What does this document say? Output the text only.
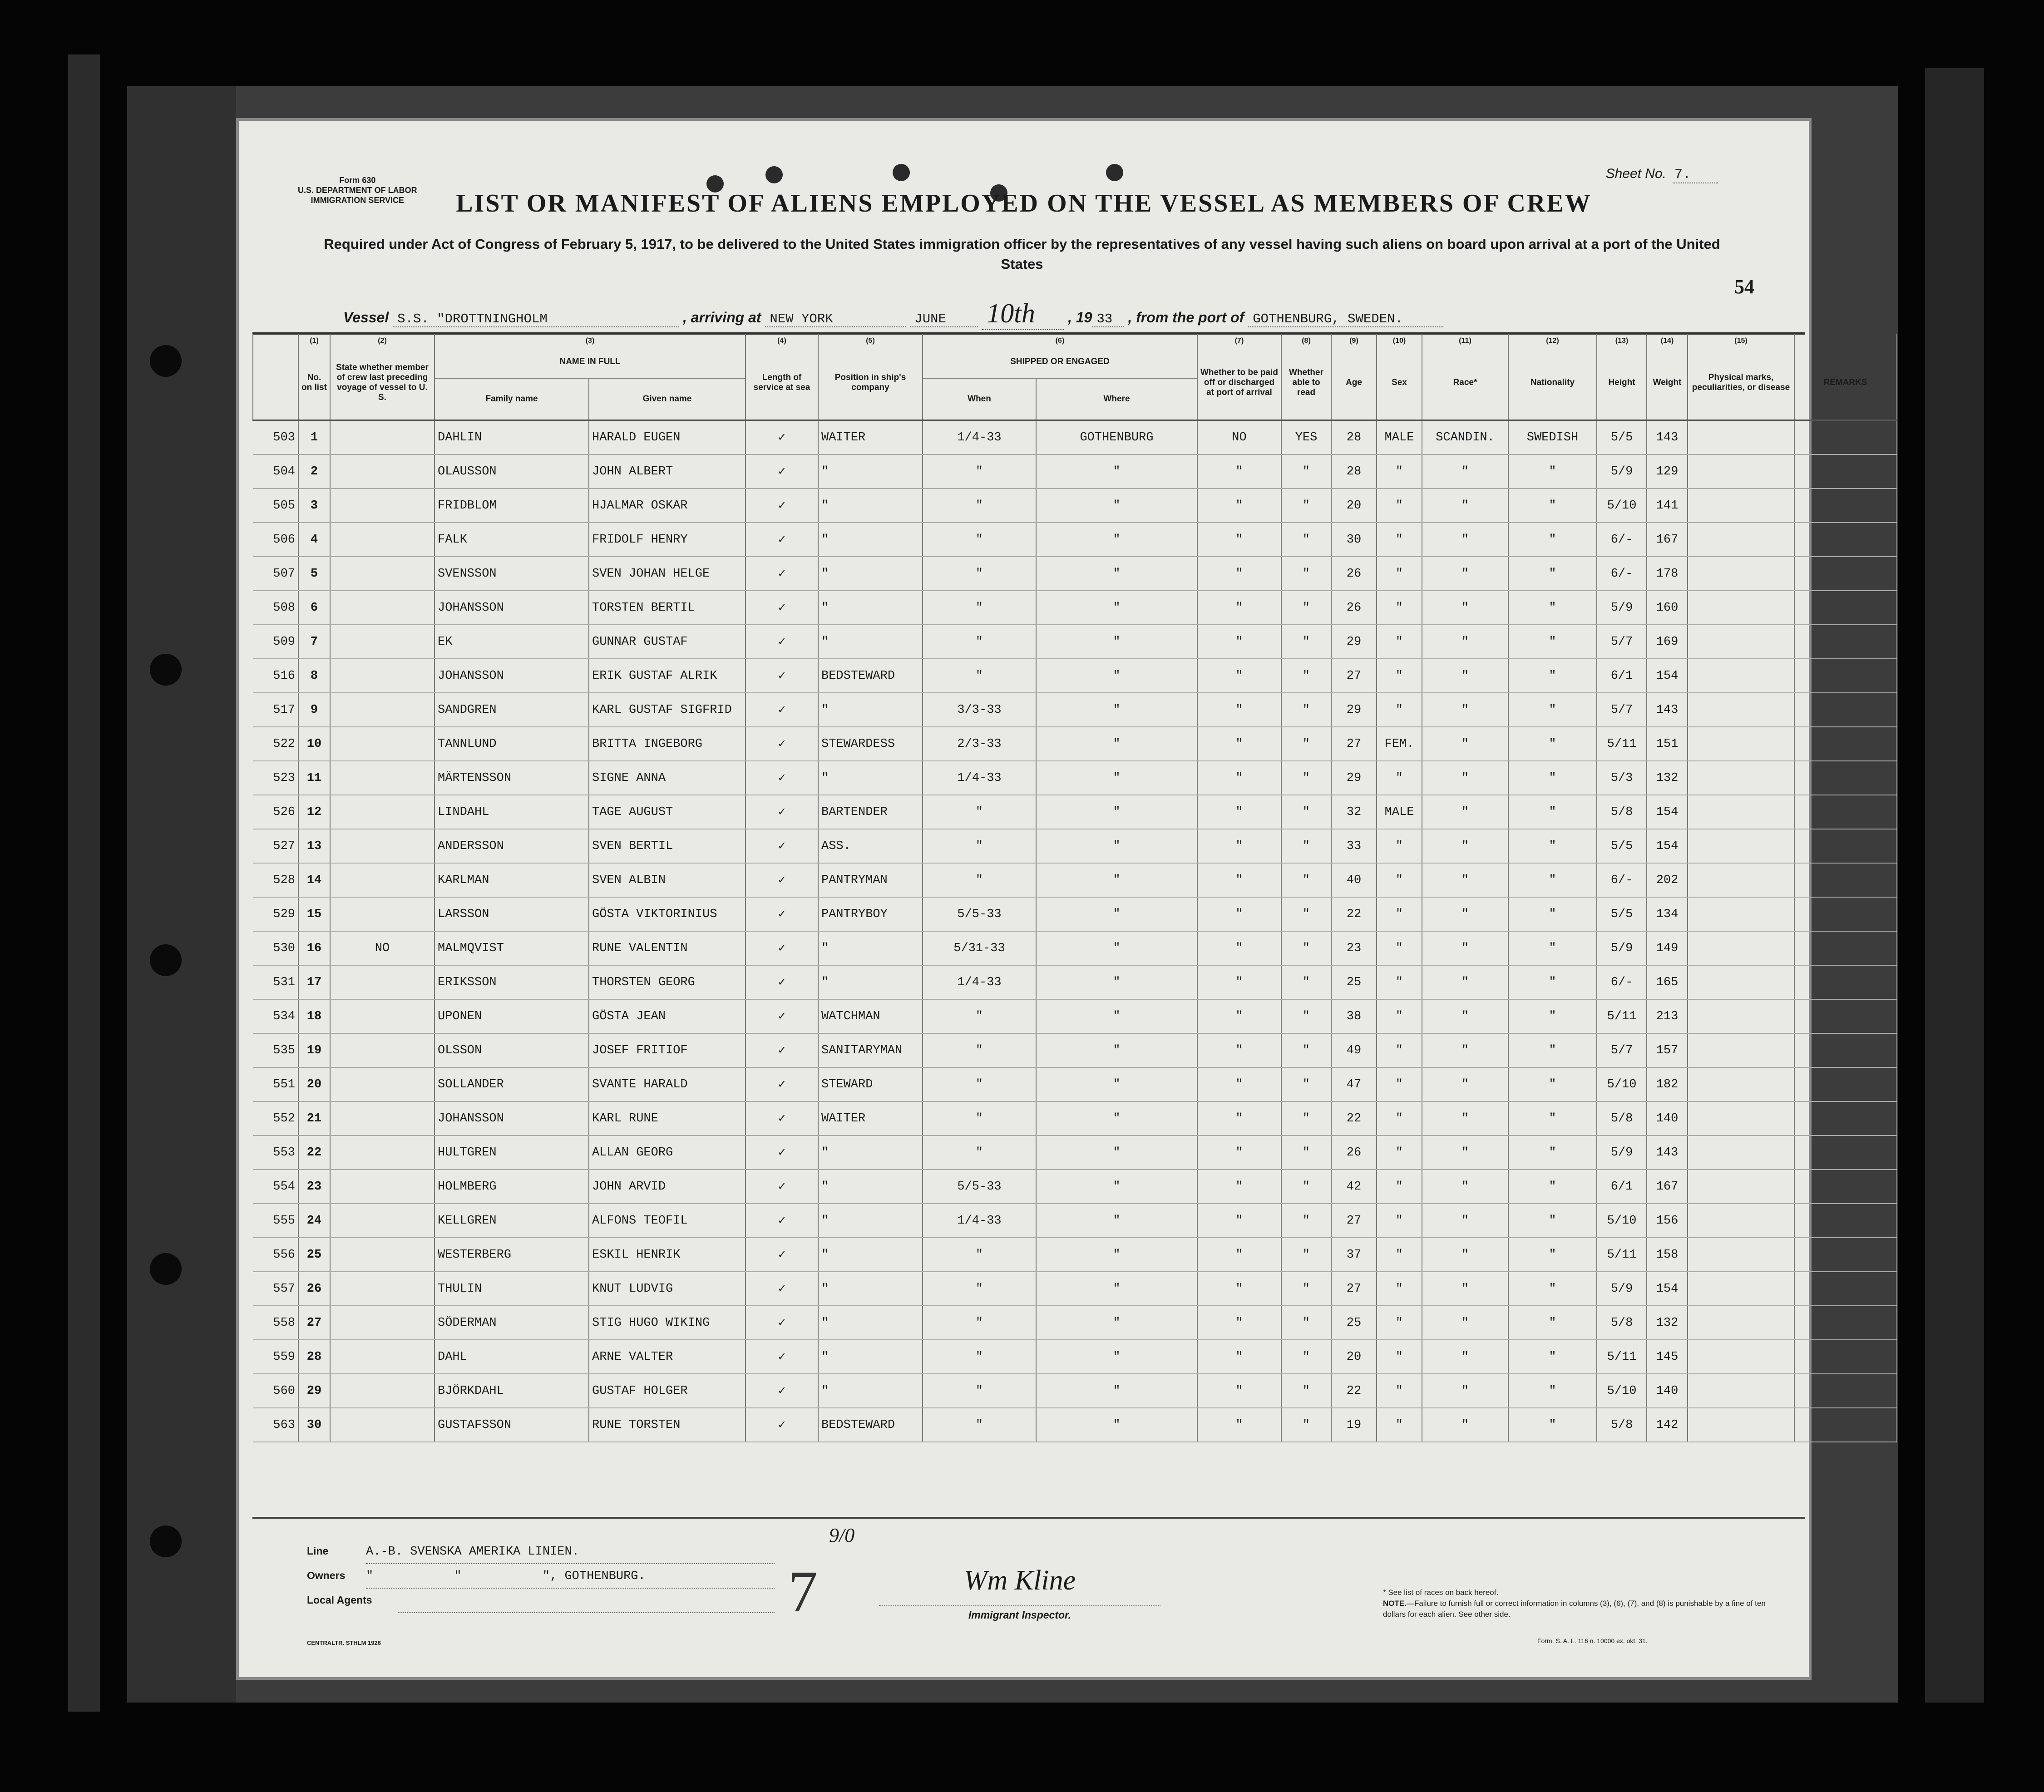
Form 630
U.S. DEPARTMENT OF LABOR
IMMIGRATION SERVICE
Sheet No. 7.
LIST OR MANIFEST OF ALIENS EMPLOYED ON THE VESSEL AS MEMBERS OF CREW
Required under Act of Congress of February 5, 1917, to be delivered to the United States immigration officer by the representatives of any vessel having such aliens on board upon arrival at a port of the United States
54
Vessel S.S. "DROTTNINGHOLM	, arriving at NEW YORK	JUNE 10th , 19 33 , from the port of GOTHENBURG, SWEDEN.
	(1)	(2)	(3)		(4)	(5)	(6)		(7)	(8)	(9)	(10)	(11)	(12)	(13)	(14)	(15)	
	No. on list	State whether member of crew last preceding voyage of vessel to U. S.	NAME IN FULL		Length of service at sea	Position in ship's company	SHIPPED OR ENGAGED		Whether to be paid off or discharged at port of arrival	Whether able to read	Age	Sex	Race*	Nationality	Height	Weight	Physical marks, peculiarities, or disease	REMARKS
			Family name	Given name			When	Where										
503	1		DAHLIN	HARALD EUGEN	✓	WAITER	1/4-33	GOTHENBURG	NO	YES	28	MALE	SCANDIN.	SWEDISH	5/5	143		
504	2		OLAUSSON	JOHN ALBERT	✓	"	"	"	"	"	28	"	"	"	5/9	129		
505	3		FRIDBLOM	HJALMAR OSKAR	✓	"	"	"	"	"	20	"	"	"	5/10	141		
506	4		FALK	FRIDOLF HENRY	✓	"	"	"	"	"	30	"	"	"	6/-	167		
507	5		SVENSSON	SVEN JOHAN HELGE	✓	"	"	"	"	"	26	"	"	"	6/-	178		
508	6		JOHANSSON	TORSTEN BERTIL	✓	"	"	"	"	"	26	"	"	"	5/9	160		
509	7		EK	GUNNAR GUSTAF	✓	"	"	"	"	"	29	"	"	"	5/7	169		
516	8		JOHANSSON	ERIK GUSTAF ALRIK	✓	BEDSTEWARD	"	"	"	"	27	"	"	"	6/1	154		
517	9		SANDGREN	KARL GUSTAF SIGFRID	✓	"	3/3-33	"	"	"	29	"	"	"	5/7	143		
522	10		TANNLUND	BRITTA INGEBORG	✓	STEWARDESS	2/3-33	"	"	"	27	FEM.	"	"	5/11	151		
523	11		MÄRTENSSON	SIGNE ANNA	✓	"	1/4-33	"	"	"	29	"	"	"	5/3	132		
526	12		LINDAHL	TAGE AUGUST	✓	BARTENDER	"	"	"	"	32	MALE	"	"	5/8	154		
527	13		ANDERSSON	SVEN BERTIL	✓	ASS.	"	"	"	"	33	"	"	"	5/5	154		
528	14		KARLMAN	SVEN ALBIN	✓	PANTRYMAN	"	"	"	"	40	"	"	"	6/-	202		
529	15		LARSSON	GÖSTA VIKTORINIUS	✓	PANTRYBOY	5/5-33	"	"	"	22	"	"	"	5/5	134		
530	16	NO	MALMQVIST	RUNE VALENTIN	✓	"	5/31-33	"	"	"	23	"	"	"	5/9	149		
531	17		ERIKSSON	THORSTEN GEORG	✓	"	1/4-33	"	"	"	25	"	"	"	6/-	165		
534	18		UPONEN	GÖSTA JEAN	✓	WATCHMAN	"	"	"	"	38	"	"	"	5/11	213		
535	19		OLSSON	JOSEF FRITIOF	✓	SANITARYMAN	"	"	"	"	49	"	"	"	5/7	157		
551	20		SOLLANDER	SVANTE HARALD	✓	STEWARD	"	"	"	"	47	"	"	"	5/10	182		
552	21		JOHANSSON	KARL RUNE	✓	WAITER	"	"	"	"	22	"	"	"	5/8	140		
553	22		HULTGREN	ALLAN GEORG	✓	"	"	"	"	"	26	"	"	"	5/9	143		
554	23		HOLMBERG	JOHN ARVID	✓	"	5/5-33	"	"	"	42	"	"	"	6/1	167		
555	24		KELLGREN	ALFONS TEOFIL	✓	"	1/4-33	"	"	"	27	"	"	"	5/10	156		
556	25		WESTERBERG	ESKIL HENRIK	✓	"	"	"	"	"	37	"	"	"	5/11	158		
557	26		THULIN	KNUT LUDVIG	✓	"	"	"	"	"	27	"	"	"	5/9	154		
558	27		SÖDERMAN	STIG HUGO WIKING	✓	"	"	"	"	"	25	"	"	"	5/8	132		
559	28		DAHL	ARNE VALTER	✓	"	"	"	"	"	20	"	"	"	5/11	145		
560	29		BJÖRKDAHL	GUSTAF HOLGER	✓	"	"	"	"	"	22	"	"	"	5/10	140		
563	30		GUSTAFSSON	RUNE TORSTEN	✓	BEDSTEWARD	"	"	"	"	19	"	"	"	5/8	142		
9/0
7
Line	A.-B. SVENSKA AMERIKA LINIEN.
Owners "           "           ", GOTHENBURG.
Local Agents
CENTRALTR. STHLM 1926
Wm Kline
Immigrant Inspector.
* See list of races on back hereof.
NOTE.—Failure to furnish full or correct information in columns (3), (6), (7), and (8) is punishable by a fine of ten dollars for each alien. See other side.
Form. S. A. L. 116 n. 10000 ex. okt. 31.
